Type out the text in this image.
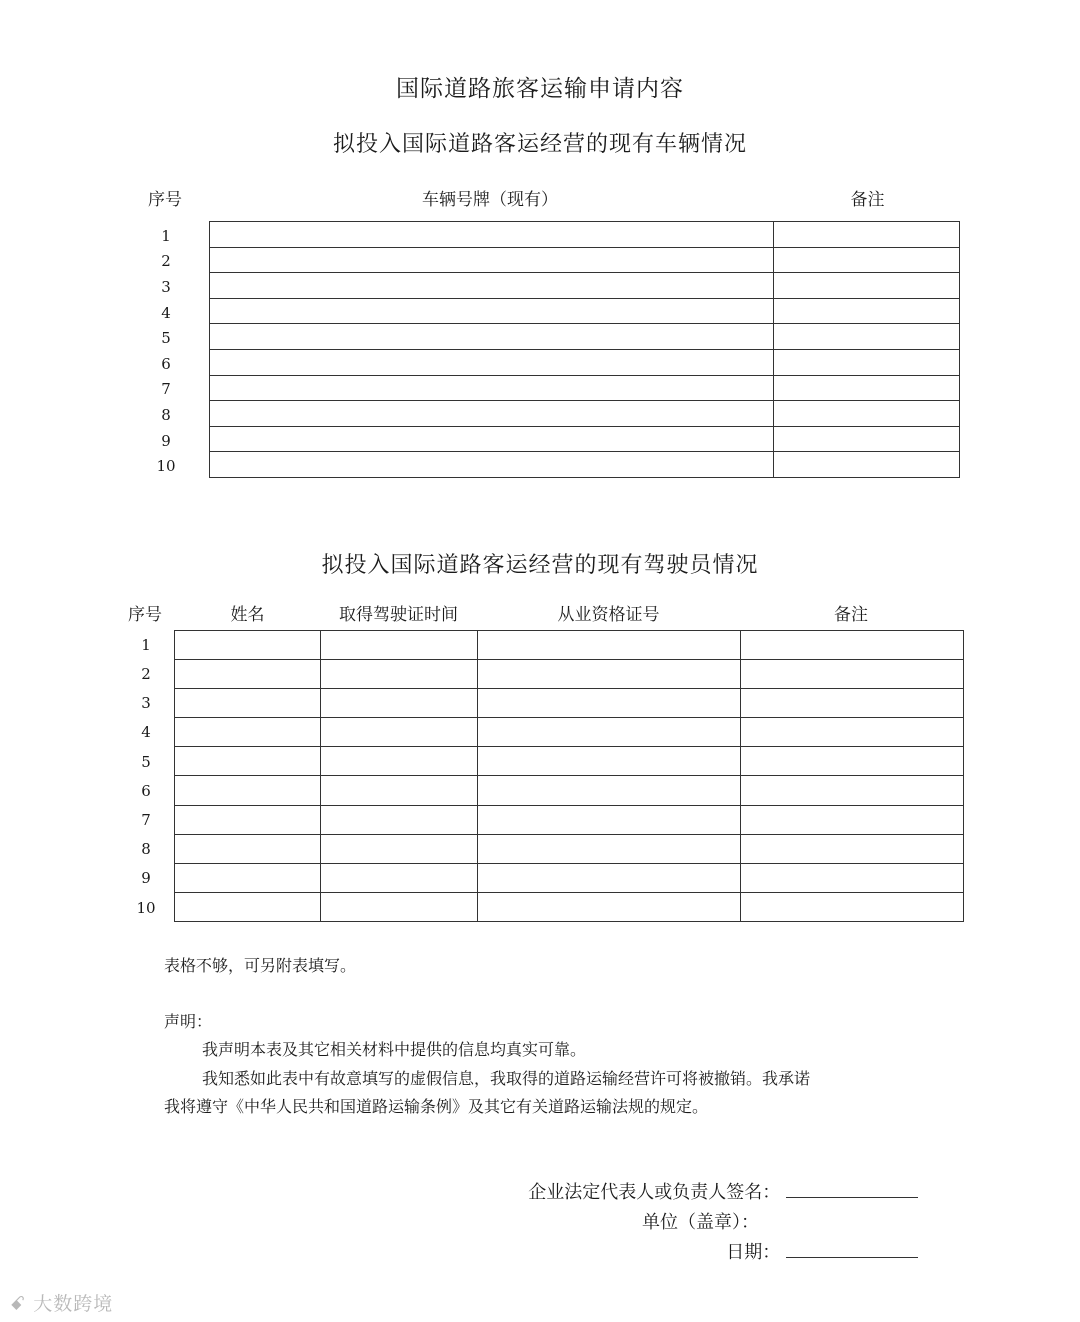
国际道路旅客运输申请内容
拟投入国际道路客运经营的现有车辆情况
序号	车辆号牌（现有）	备注
1
2
3
4
5
6
7
8
9
10

拟投入国际道路客运经营的现有驾驶员情况
序号	姓名	取得驾驶证时间	从业资格证号	备注
1
2
3
4
5
6
7
8
9
10

表格不够，可另附表填写。
声明：
我声明本表及其它相关材料中提供的信息均真实可靠。
我知悉如此表中有故意填写的虚假信息，我取得的道路运输经营许可将被撤销。我承诺
我将遵守《中华人民共和国道路运输条例》及其它有关道路运输法规的规定。
企业法定代表人或负责人签名：
单位（盖章）：
日期：
ꗃ 大数跨境
